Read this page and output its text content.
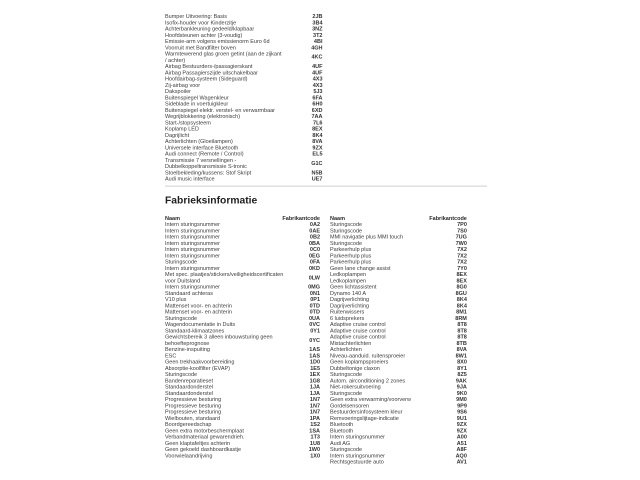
Bumper Uitvoering: Basis	2JB
Isofix-houder voor Kinderzitje	3B4
Achterbankleuning gedeeld/klapbaar	3NZ
Hoofdsteunen achter (3-voudig)	3T2
Emissie-arm volgens emissienorm Euro 6d	4BI
Voorruit met Bandfilter boven	4GH
Warmtewerend glas groen getint (aan de zijkant / achter)	4KC
Airbag Bestuurders-/passagierskant	4UF
Airbag Passagierszijde uitschakelbaar	4UF
Hoofdairbag-systeem (Sideguard)	4X3
Zij-airbag voor	4X3
Dakspoiler	5J3
Buitenspiegel Wagenkleur	6FA
Sideblade in voertuigkleur	6H0
Buitenspiegel elektr. verstel- en verwarmbaar	6XD
Wegrijblokkering (elektronisch)	7AA
Start-/stopsysteem	7L6
Koplamp LED	8EX
Dagrijlicht	8K4
Achterlichten (Gloeilampen)	8VA
Universele interface Bluetooth	9ZX
Audi connect (Remote / Control)	EL5
Transmissie 7 versnellingen - Dubbelkoppeltransmissie S-tronic	G1C
Stoelbekleding/kussens: Stof Skript	N5B
Audi music interface	UE7
Fabrieksinformatie
Naam	Fabrikantcode
Intern sturingsnummer	0A2
Intern sturingsnummer	0AE
Intern sturingsnummer	0B2
Intern sturingsnummer	0BA
Intern sturingsnummer	0C0
Intern sturingsnummer	0EG
Sturingscode	0FA
Intern sturingsnummer	0KD
Met spec. plaatjes/stickers/veiligheidscertificaten voor Duitsland	0LW
Intern sturingsnummer	0MG
Standaard achteras	0N1
V10 plus	0P1
Mattenset voor- en achterin	0TD
Mattenset voor- en achterin	0TD
Sturingscode	0UA
Wagendocumentatie in Duits	0VC
Standaard-klimaatzones	0Y1
Gewichtsbereik 3 alleen inbouwsturing geen behoefteprognose	0YC
Benzine-inspuiting	1AS
ESC	1AS
Geen trekhaakvoorbereiding	1D0
Absorptie-koolfilter (EVAP)	1E5
Sturingscode	1EX
Bandenreparatieset	1G8
Standaardonderstel	1JA
Standaardonderstel	1JA
Progressieve besturing	1N7
Progressieve besturing	1N7
Progressieve besturing	1N7
Wielbouten, standaard	1PA
Boordgereedschap	1S2
Geen extra motorbeschermplaat	1SA
Verbandmateriaal gewarendrieh.	1T3
Geen klaptafeltjes achterin	1U8
Geen gekoeld dashboardkastje	1W0
Voorwielaandrijving	1X0
Naam	Fabrikantcode
Sturingscode	7P0
Sturingscode	7S0
MMI navigatie plus MMI touch	7UG
Sturingscode	7W0
Parkeerhulp plus	7X2
Parkeerhulp plus	7X2
Parkeerhulp plus	7X2
Geen lane change assist	7Y0
Ledkoplampen	8EX
Ledkoplampen	8EX
Geen lichtassistent	8G0
Dynamo 140 A	8GU
Dagrijverlichting	8K4
Dagrijverlichting	8K4
Ruitenwissers	8M1
6 luidsprekers	8RM
Adaptive cruise control	8T8
Adaptive cruise control	8T8
Adaptive cruise control	8T8
Mistachterlichten	8TB
Achterlichten	8VA
Niveau-aanduid. ruitensproeier	8W1
Geen koplampsproeiers	8X0
Dubbeltonige claxon	8Y1
Sturingscode	8Z5
Autom. airconditioning 2 zones	9AK
Niet-rokersuitvoering	9JA
Sturingscode	9K0
Geen extra verwarming/voorverw	9M0
Gordelsensoren	9P9
Bestuurdersinfosysteem kleur	9S6
Remvoeringslijtage-indicatie	9U1
Bluetooth	9ZX
Bluetooth	9ZX
Intern sturingsnummer	A00
Audi AG	A51
Sturingscode	A8F
Intern sturingsnummer	AQ0
Rechtsgestuurde auto	AV1
